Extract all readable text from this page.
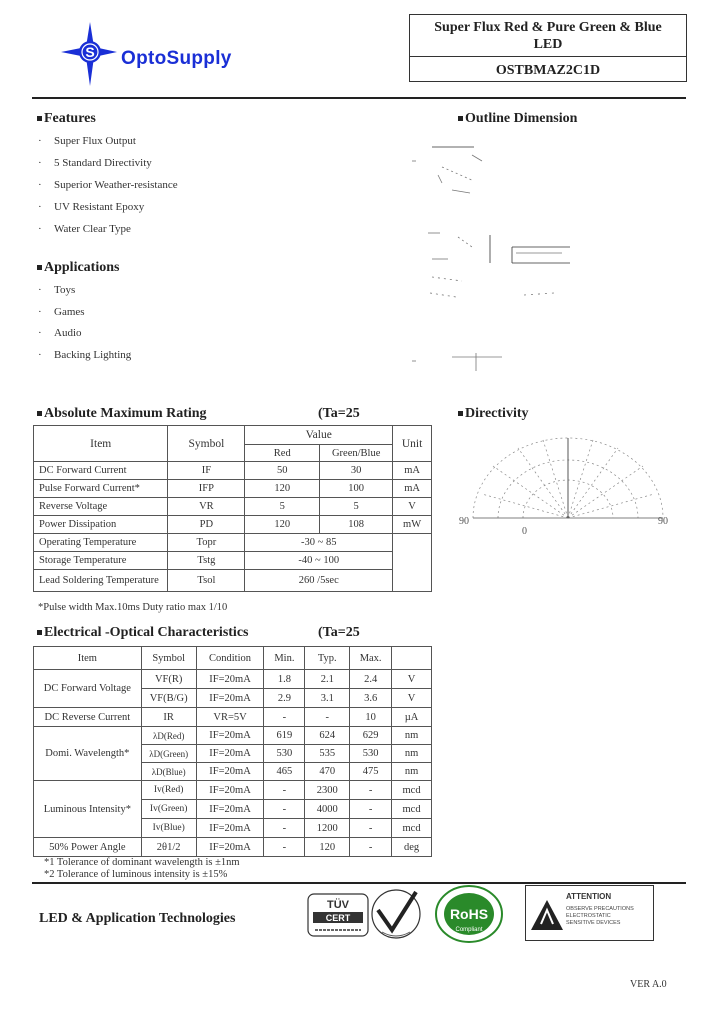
S OptoSupply
Super Flux Red & Pure Green & Blue
LED
OSTBMAZ2C1D
Features
· Super Flux Output
· 5 Standard Directivity
· Superior Weather-resistance
· UV Resistant Epoxy
· Water Clear Type
Applications
· Toys
· Games
· Audio
· Backing Lighting
Outline Dimension
Absolute Maximum Rating	(Ta=25
Item	Symbol	Value		Unit
		Red	Green/Blue	
DC Forward Current	IF	50	30	mA
Pulse Forward Current*	IFP	120	100	mA
Reverse Voltage	VR	5	5	V
Power Dissipation	PD	120	108	mW
Operating Temperature	Topr	-30 ~ 85		
Storage Temperature	Tstg	-40 ~ 100		
Lead Soldering Temperature	Tsol	260 /5sec		
*Pulse width Max.10ms Duty ratio max 1/10
Directivity
90	90
0
Electrical -Optical Characteristics	(Ta=25
Item	Symbol	Condition	Min.	Typ.	Max.	
DC Forward Voltage	VF(R)	IF=20mA	1.8	2.1	2.4	V
	VF(B/G)	IF=20mA	2.9	3.1	3.6	V
DC Reverse Current	IR	VR=5V	-	-	10	µA
Domi. Wavelength*	λD(Red)	IF=20mA	619	624	629	nm
	λD(Green)	IF=20mA	530	535	530	nm
	λD(Blue)	IF=20mA	465	470	475	nm
Luminous Intensity*	Iv(Red)	IF=20mA	-	2300	-	mcd
	Iv(Green)	IF=20mA	-	4000	-	mcd
	Iv(Blue)	IF=20mA	-	1200	-	mcd
50% Power Angle	2θ1/2	IF=20mA	-	120	-	deg
*1 Tolerance of dominant wavelength is ±1nm
*2 Tolerance of luminous intensity is ±15%
LED & Application Technologies
TÜV
CERT	RoHS
Compliant
ATTENTION
OBSERVE PRECAUTIONS
ELECTROSTATIC
SENSITIVE DEVICES
VER A.0
